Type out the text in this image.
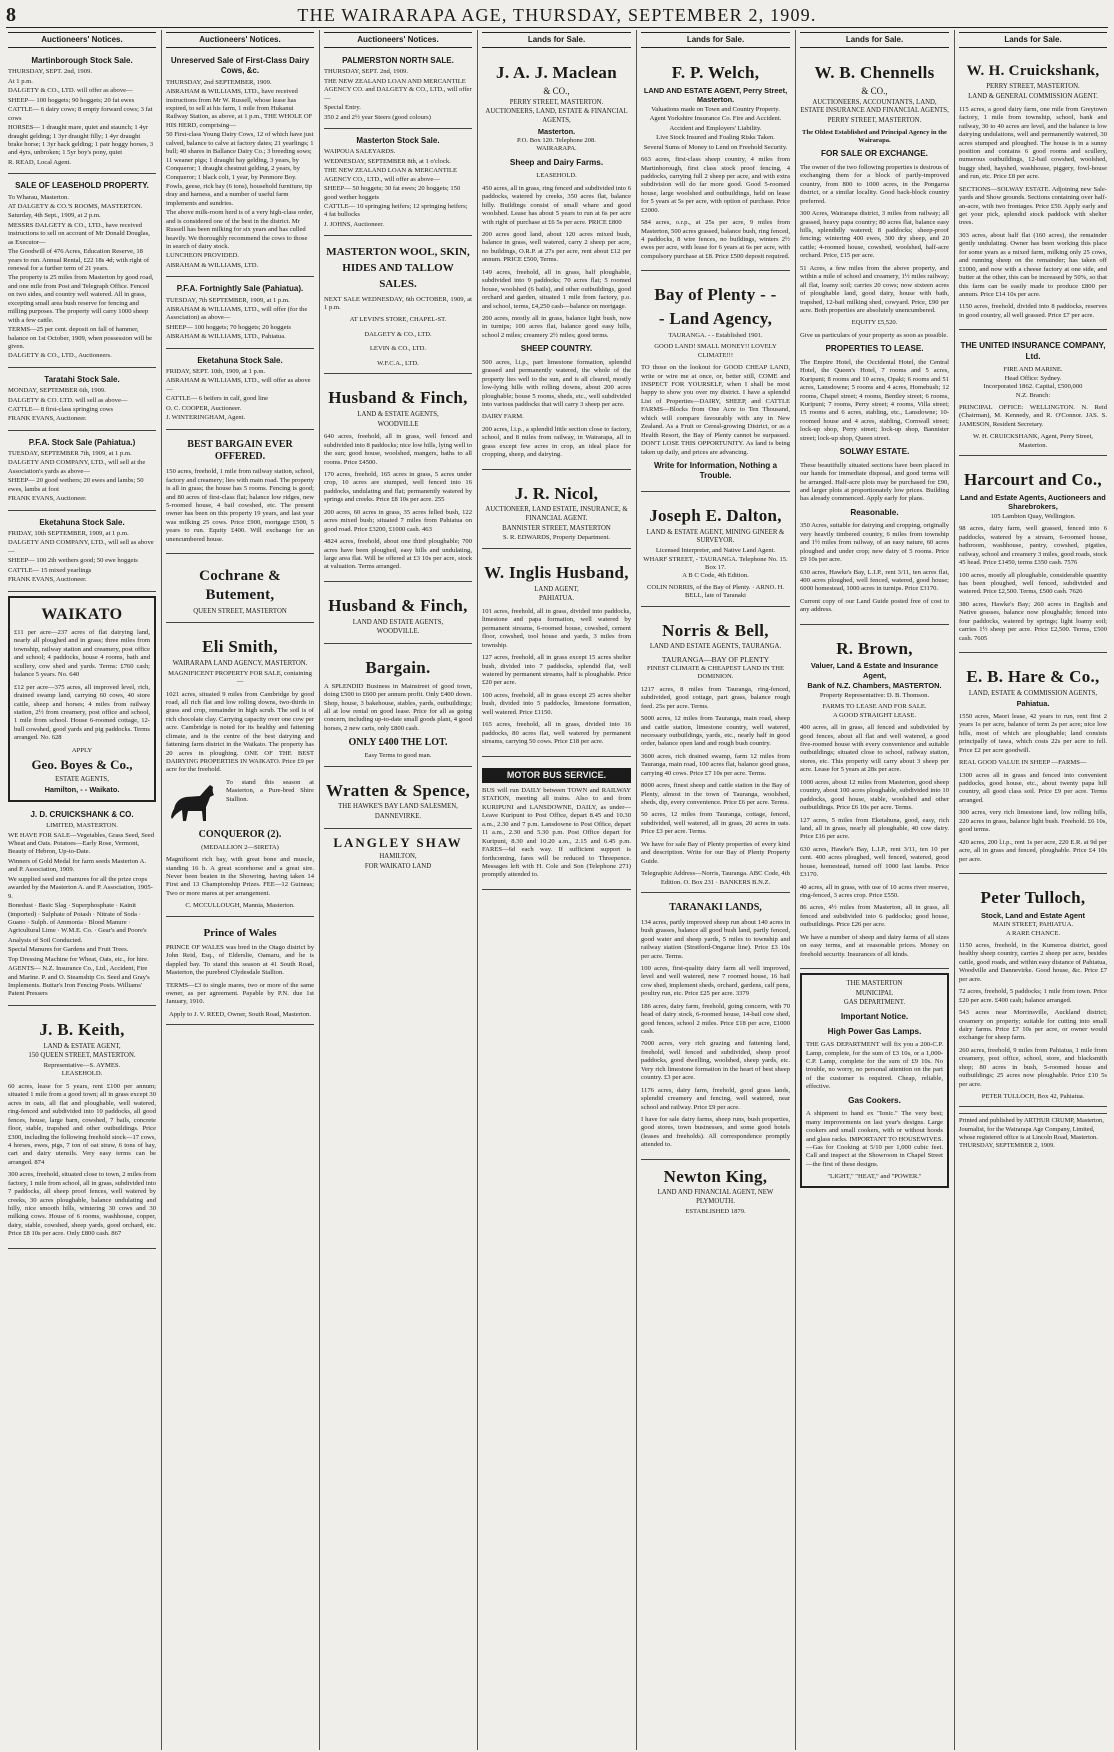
8	THE WAIRARAPA AGE, THURSDAY, SEPTEMBER 2, 1909.
Auctioneers' Notices.
Martinborough Stock Sale.
THURSDAY, SEPT. 2nd, 1909.
At 1 p.m.
DALGETY & CO., LTD. will offer as above—
SHEEP— 100 hoggets; 90 hoggets; 20 fat ewes
CATTLE— 6 dairy cows; 8 empty forward cows; 3 fat cows
HORSES— 1 draught mare, quiet and staunch; 1 4yr draught gelding; 1 3yr draught filly; 1 4yr draught brake horse; 1 3yr hack gelding; 1 pair hoggy horses, 3 and 4yrs, unbroken; 1 5yr boy's pony, quiet
R. READ, Local Agent.
SALE OF LEASEHOLD PROPERTY.
To Wharau, Masterton.
AT DALGETY & CO.'S ROOMS, MASTERTON.
Saturday, 4th Sept., 1909, at 2 p.m.
MESSRS DALGETY & CO., LTD., have received instructions to sell on account of Mr Donald Douglas, as Executor—
The Goodwill of 476 Acres, Education Reserve, 18 years to run. Annual Rental, £22 18s 4d; with right of renewal for a further term of 21 years.
The property is 25 miles from Masterton by good road, and one mile from Post and Telegraph Office. Fenced on two sides, and country well watered. All in grass, excepting small area bush reserve for fencing and milling purposes. The property will carry 1000 sheep with a few cattle.
TERMS—25 per cent. deposit on fall of hammer, balance on 1st October, 1909, when possession will be given.
DALGETY & CO., LTD., Auctioneers.
Taratahi Stock Sale.
MONDAY, SEPTEMBER 6th, 1909.
DALGETY & CO. LTD. will sell as above—
CATTLE— 8 first-class springing cows
FRANK EVANS, Auctioneer.
P.F.A. Stock Sale (Pahiatua.)
TUESDAY, SEPTEMBER 7th, 1909, at 1 p.m.
DALGETY AND COMPANY, LTD., will sell at the Association's yards as above—
SHEEP— 20 good wethers; 20 ewes and lambs; 50 ewes, lambs at foot
FRANK EVANS, Auctioneer.
Eketahuna Stock Sale.
FRIDAY, 10th SEPTEMBER, 1909, at 1 p.m.
DALGETY AND COMPANY, LTD., will sell as above—
SHEEP— 100 2th wethers good; 50 ewe hoggets
CATTLE— 15 mixed yearlings
FRANK EVANS, Auctioneer.
WAIKATO
£11 per acre—237 acres of flat dairying land, nearly all ploughed and in grass; three miles from township, railway station and creamery, post office and school; 4 paddocks, house 4 rooms, bath and scullery, cow shed and yards. Terms: £760 cash; balance 5 years. No. 640
£12 per acre—375 acres, all improved level, rich, drained swamp land, carrying 60 cows, 40 store cattle, sheep and horses; 4 miles from railway station, 2½ from creamery, post office and school, 1 mile from school. House 6-roomed cottage, 12-bull cowshed, good yards and pig paddocks. Terms arranged. No. 628
APPLY
Geo. Boyes & Co.,
ESTATE AGENTS,
Hamilton, - - Waikato.
J. D. CRUICKSHANK & CO.
LIMITED, MASTERTON.
WE HAVE FOR SALE—Vegetables, Grass Seed, Seed Wheat and Oats. Potatoes—Early Rose, Vermont, Beauty of Hebron, Up-to-Date.
Winners of Gold Medal for farm seeds Masterton A. and P. Association, 1909.
We supplied seed and manures for all the prize crops awarded by the Masterton A. and P. Association, 1905-9.
Bonedust · Basic Slag · Superphosphate · Kainit (imported) · Sulphate of Potash · Nitrate of Soda · Guano · Sulph. of Ammonia · Blood Manure · Agricultural Lime · W.M.E. Co. · Gear's and Poore's
Analysis of Soil Conducted.
Special Manures for Gardens and Fruit Trees.
Top Dressing Machine for Wheat, Oats, etc., for hire.
AGENTS— N.Z. Insurance Co., Ltd., Accident, Fire and Marine. P. and O. Steamship Co. Seed and Gray's Implements. Buttar's Iron Fencing Posts. Williams' Patent Pressers
J. B. Keith,
LAND & ESTATE AGENT,
150 QUEEN STREET, MASTERTON.
Representative—S. AYMES.
LEASEHOLD.
60 acres, lease for 5 years, rent £100 per annum; situated 1 mile from a good town; all in grass except 30 acres in oats, all flat and ploughable, well watered, ring-fenced and subdivided into 10 paddocks, all good fences, house, large barn, cowshed, 7 bails, concrete floor, stable, trapshed and other outbuildings. Price £300, including the following freehold stock—17 cows, 4 horses, ewes, pigs, 7 ton of oat straw, 6 tons of hay, cart and dairy utensils. Very easy terms can be arranged. 874
300 acres, freehold, situated close to town, 2 miles from factory, 1 mile from school, all in grass, subdivided into 7 paddocks, all sheep proof fences, well watered by creeks, 30 acres ploughable, balance undulating and hilly, nice smooth hills, wintering 30 cows and 30 milking cows. House of 6 rooms, washhouse, copper, dairy, stable, cowshed, sheep yards, good orchard, etc. Price £8 10s per acre. Only £800 cash. 867
Auctioneers' Notices.
Unreserved Sale of First-Class Dairy Cows, &c.
THURSDAY, 2nd SEPTEMBER, 1909.
ABRAHAM & WILLIAMS, LTD., have received instructions from Mr W. Russell, whose lease has expired, to sell at his farm, 1 mile from Hukanui Railway Station, as above, at 1 p.m., THE WHOLE OF HIS HERD, comprising—
50 First-class Young Dairy Cows, 12 of which have just calved, balance to calve at factory dates; 21 yearlings; 1 bull; 40 shares in Ballance Dairy Co.; 3 breeding sows; 11 weaner pigs; 1 draught bay gelding, 3 years, by Conqueror; 1 draught chestnut gelding, 2 years, by Conqueror; 1 black colt, 1 year, by Penmore Boy.
Fowls, geese, rick bay (6 tons), household furniture, tip dray and harness, and a number of useful farm implements and sundries.
The above milk-room herd is of a very high-class order, and is considered one of the best in the district. Mr Russell has been milking for six years and has culled heavily. We thoroughly recommend the cows to those in search of dairy stock.
LUNCHEON PROVIDED.
ABRAHAM & WILLIAMS, LTD.
P.F.A. Fortnightly Sale (Pahiatua).
TUESDAY, 7th SEPTEMBER, 1909, at 1 p.m.
ABRAHAM & WILLIAMS, LTD., will offer (for the Association) as above—
SHEEP— 100 hoggets; 70 hoggets; 20 hoggets
ABRAHAM & WILLIAMS, LTD., Pahiatua.
Eketahuna Stock Sale.
FRIDAY, SEPT. 10th, 1909, at 1 p.m.
ABRAHAM & WILLIAMS, LTD., will offer as above—
CATTLE— 6 heifers in calf, good line
O. C. COOPER, Auctioneer.
J. WINTERINGHAM, Agent.
BEST BARGAIN EVER OFFERED.
150 acres, freehold, 1 mile from railway station, school, factory and creamery; lies with main road. The property is all in grass; the house has 5 rooms. Fencing is good; and 80 acres of first-class flat; balance low ridges, new 5-roomed house, 4 bail cowshed, etc. The present owner has been on this property 19 years, and last year was milking 25 cows. Price £900, mortgage £500, 5 years to run. Equity £400. Will exchange for an unencumbered house.
Cochrane & Butement,
QUEEN STREET, MASTERTON
Eli Smith,
WAIRARAPA LAND AGENCY, MASTERTON.
MAGNIFICENT PROPERTY FOR SALE, containing—
1021 acres, situated 9 miles from Cambridge by good road, all rich flat and low rolling downs, two-thirds in grass and crop, remainder in high scrub. The soil is of rich chocolate clay. Carrying capacity over one cow per acre. Cambridge is noted for its healthy and fattening climate, and is the centre of the best dairying and fattening farm district in the Waikato. The property has 20 acres in ploughing. ONE OF THE BEST DAIRYING PROPERTIES IN WAIKATO. Price £9 per acre for the freehold.
To stand this season at Masterton, a Pure-bred Shire Stallion.
CONQUEROR (2).
(MEDALLION 2—SIRETA)
Magnificent rich bay, with great bone and muscle, standing 16 h. A great scorehorse and a great sire. Never been beaten in the Showring, having taken 14 First and 13 Championship Prizes. FEE—12 Guineas; Two or more mares at per arrangement.
C. MCCULLOUGH, Mannia, Masterton.
Prince of Wales
PRINCE OF WALES was bred in the Otago district by John Reid, Esq., of Elderslie, Oamaru, and he is dappled bay. To stand this season at 41 South Road, Masterton, the purebred Clydesdale Stallion.
TERMS—£3 to single mares, two or more of the same owner, as per agreement. Payable by P.N. due 1st January, 1910.
Apply to J. V. REED, Owner, South Road, Masterton.
Auctioneers' Notices.
PALMERSTON NORTH SALE.
THURSDAY, SEPT. 2nd, 1909.
THE NEW ZEALAND LOAN AND MERCANTILE AGENCY CO. and DALGETY & CO., LTD., will offer—
Special Entry.
350 2 and 2½ year Steers (good colours)
Masterton Stock Sale.
WAIPOUA SALEYARDS.
WEDNESDAY, SEPTEMBER 8th, at 1 o'clock.
THE NEW ZEALAND LOAN & MERCANTILE AGENCY CO., LTD., will offer as above—
SHEEP— 50 hoggets; 30 fat ewes; 20 hoggets; 150 good wether hoggets
CATTLE— 10 springing heifers; 12 springing heifers; 4 fat bullocks
J. JOHNS, Auctioneer.
MASTERTON WOOL, SKIN,
HIDES AND TALLOW
SALES.
NEXT SALE WEDNESDAY, 6th OCTOBER, 1909, at 1 p.m.
AT LEVIN'S STORE, CHAPEL-ST.
DALGETY & CO., LTD.
LEVIN & CO., LTD.
W.F.C.A., LTD.
Husband & Finch,
LAND & ESTATE AGENTS,
WOODVILLE
640 acres, freehold, all in grass, well fenced and subdivided into 8 paddocks; nice low hills, lying well to the sun; good house, woolshed, mangers, baths to all rooms. Price £4500.
170 acres, freehold, 165 acres in grass, 5 acres under crop, 10 acres are stumped, well fenced into 16 paddocks, undulating and flat; permanently watered by springs and creeks. Price £8 10s per acre. 255
200 acres, 60 acres in grass, 35 acres felled bush, 122 acres mixed bush; situated 7 miles from Pahiatua on good road. Price £3200, £1000 cash. 463
4824 acres, freehold, about one third ploughable; 700 acres have been ploughed, easy hills and undulating, large area flat. Will be offered at £3 10s per acre, stock at valuation. Terms arranged.
Husband & Finch,
LAND AND ESTATE AGENTS,
WOODVILLE.
Bargain.
A SPLENDID Business in Mainstreet of good town, doing £500 to £600 per annum profit. Only £400 down. Shop, house, 3 bakehouse, stables, yards, outbuildings; all at low rental on good lease. Price for all as going concern, including up-to-date small goods plant, 4 good horses, 2 new carts, only £800 cash.
ONLY £400 THE LOT.
Easy Terms to good man.
Wratten & Spence,
THE HAWKE'S BAY LAND SALESMEN,
DANNEVIRKE.
LANGLEY SHAW
HAMILTON,
FOR WAIKATO LAND
Lands for Sale.
J. A. J. Maclean
& CO.,
PERRY STREET, MASTERTON.
AUCTIONEERS, LAND, ESTATE & FINANCIAL AGENTS,
Masterton.
P.O. Box 120. Telephone 208.
WAIRARAPA.
Sheep and Dairy Farms.
LEASEHOLD.
450 acres, all in grass, ring fenced and subdivided into 6 paddocks, watered by creeks, 350 acres flat, balance hilly. Buildings consist of small whare and good woolshed. Lease has about 5 years to run at 6s per acre with right of purchase at £6 5s per acre. PRICE £800
200 acres good land, about 120 acres mixed bush, balance in grass, well watered, carry 2 sheep per acre, no buildings, O.R.P. at 27s per acre, rent about £12 per annum. PRICE £500, Terms.
149 acres, freehold, all in grass, half ploughable, subdivided into 9 paddocks; 70 acres flat; 5 roomed house, woolshed (6 bails), and other outbuildings, good orchard and garden, situated 1 mile from factory, p.o. and school, terms, £4,250 cash—balance on mortgage.
200 acres, mostly all in grass, balance light bush, now in turnips; 100 acres flat, balance good easy hills, school 2 miles; creamery 2½ miles; good terms.
SHEEP COUNTRY.
500 acres, l.i.p., part limestone formation, splendid grassed and permanently watered, the whole of the property lies well to the sun, and is all cleared, mostly low-lying hills with rolling downs, about 200 acres ploughable; house 5 rooms, sheds, etc., well subdivided into various paddocks that will carry 3 sheep per acre.
DAIRY FARM.
200 acres, l.i.p., a splendid little section close to factory, school, and 8 miles from railway, in Wairarapa, all in grass except few acres in crop, an ideal place for cropping, sheep, and dairying.
J. R. Nicol,
AUCTIONEER, LAND ESTATE, INSURANCE, & FINANCIAL AGENT.
BANNISTER STREET, MASTERTON
S. R. EDWARDS, Property Department.
W. Inglis Husband,
LAND AGENT,
PAHIATUA.
101 acres, freehold, all in grass, divided into paddocks, limestone and papa formation, well watered by permanent streams, 6-roomed house, cowshed, cement floor, cowshed, tool house and yards, 3 miles from township.
127 acres, freehold, all in grass except 15 acres shelter bush, divided into 7 paddocks, splendid flat, well watered by permanent streams, half is ploughable. Price £20 per acre.
100 acres, freehold, all in grass except 25 acres shelter bush, divided into 5 paddocks, limestone formation, well watered. Price £1150.
165 acres, freehold, all in grass, divided into 16 paddocks, 80 acres flat, well watered by permanent streams, carrying 50 cows. Price £18 per acre.
MOTOR BUS SERVICE.
BUS will run DAILY between TOWN and RAILWAY STATION, meeting all trains. Also to and from KURIPUNI and LANSDOWNE, DAILY, as under—Leave Kuripuni to Post Office, depart 8.45 and 10.30 a.m., 2.30 and 7 p.m. Lansdowne to Post Office, depart 11 a.m., 2.30 and 5.30 p.m. Post Office depart for Kuripuni, 8.30 and 10.20 a.m., 2.15 and 6.45 p.m. FARES—6d each way. If sufficient support is forthcoming, fares will be reduced to Threepence. Messages left with H. Cole and Son (Telephone 271) promptly attended to.
Lands for Sale.
F. P. Welch,
LAND AND ESTATE AGENT, Perry Street, Masterton.
Valuations made on Town and Country Property.
Agent Yorkshire Insurance Co. Fire and Accident.
Accident and Employers' Liability.
Live Stock Insured and Foaling Risks Taken.
Several Sums of Money to Lend on Freehold Security.
663 acres, first-class sheep country, 4 miles from Martinborough, first class stock proof fencing, 4 paddocks, carrying full 2 sheep per acre, and with extra subdivision will do far more good. Good 5-roomed house, large woolshed and outbuildings, held on lease for 5 years at 5s per acre, with option of purchase. Price £2000.
584 acres, o.r.p., at 25s per acre, 9 miles from Masterton, 500 acres grassed, balance bush, ring fenced, 4 paddocks, 8 wire fences, no buildings, winters 2½ ewes per acre, with lease for 6 years at 6s per acre, with compulsory purchase at £8. Price £500 deposit required.
Bay of Plenty - -
- Land Agency,
TAURANGA. - - Established 1901.
GOOD LAND! SMALL MONEY!! LOVELY CLIMATE!!!
TO those on the lookout for GOOD CHEAP LAND, write or wire me at once, or, better still, COME and INSPECT FOR YOURSELF, when I shall be most happy to show you over my district. I have a splendid List of Properties—DAIRY, SHEEP, and CATTLE FARMS—Blocks from One Acre to Ten Thousand, which will compare favourably with any in New Zealand. As a Fruit or Cereal-growing District, or as a Health Resort, the Bay of Plenty cannot be surpassed. DON'T LOSE THIS OPPORTUNITY. As land is being taken up daily, and prices are advancing.
Write for Information, Nothing a Trouble.
Joseph E. Dalton,
LAND & ESTATE AGENT, MINING GINEER & SURVEYOR.
Licensed Interpreter, and Native Land Agent.
WHARF STREET, - TAURANGA. Telephone No. 15. Box 17.
A B C Code, 4th Edition.
COLIN NORRIS, of the Bay of Plenty. · ARNO. H. BELL, late of Taranaki
Norris & Bell,
LAND AND ESTATE AGENTS, TAURANGA.
TAURANGA—BAY OF PLENTY
FINEST CLIMATE & CHEAPEST LAND IN THE DOMINION.
1217 acres, 8 miles from Tauranga, ring-fenced, subdivided, good cottage, part grass, balance rough feed. 25s per acre. Terms.
5000 acres, 12 miles from Tauranga, main road, sheep and cattle station, limestone country, well watered, necessary outbuildings, yards, etc., nearly half in good order, balance open land and rough bush country.
3600 acres, rich drained swamp, farm 12 miles from Tauranga, main road, 100 acres flat, balance good grass, carrying 40 cows. Price £7 10s per acre. Terms.
8000 acres, finest sheep and cattle station in the Bay of Plenty, almost in the town of Tauranga, woolshed, sheds, dip, every convenience. Price £6 per acre. Terms.
50 acres, 12 miles from Tauranga, cottage, fenced, subdivided, well watered, all in grass, 20 acres in oats. Price £3 per acre. Terms.
We have for sale Bay of Plenty properties of every kind and description. Write for our Bay of Plenty Property Guide.
Telegraphic Address—Norris, Tauranga. ABC Code, 4th Edition. O. Box 231 · BANKERS B.N.Z.
TARANAKI LANDS,
134 acres, partly improved sheep run about 140 acres in bush grasses, balance all good bush land, partly fenced, good water and sheep yards, 5 miles to township and railway station (Stratford-Ongarue line). Price £3 10s per acre. Terms.
100 acres, first-quality dairy farm all well improved, level and well watered, new 7 roomed house, 16 bail cow shed, implement sheds, orchard, gardens, calf pens, poultry run, etc. Price £25 per acre. 3379
186 acres, dairy farm, freehold, going concern, with 70 head of dairy stock, 6-roomed house, 14-bail cow shed, good fences, school 2 miles. Price £18 per acre, £1000 cash.
7000 acres, very rich grazing and fattening land, freehold, well fenced and subdivided, sheep proof paddocks, good dwelling, woolshed, sheep yards, etc. Very rich limestone formation in the heart of best sheep country. £3 per acre.
1176 acres, dairy farm, freehold, good grass lands, splendid creamery and fencing, well watered, near school and railway. Price £9 per acre.
I have for sale dairy farms, sheep runs, bush properties, good stores, town businesses, and some good hotels (leases and freeholds). All correspondence promptly attended to.
Newton King,
LAND AND FINANCIAL AGENT, NEW PLYMOUTH.
ESTABLISHED 1879.
Lands for Sale.
W. B. Chennells
& CO.,
AUCTIONEERS, ACCOUNTANTS, LAND, ESTATE INSURANCE AND FINANCIAL AGENTS,
PERRY STREET, MASTERTON.
The Oldest Established and Principal Agency in the Wairarapa.
FOR SALE OR EXCHANGE.
The owner of the two following properties is desirous of exchanging them for a block of partly-improved country, from 800 to 1000 acres, in the Pongaroa district, or a similar locality. Good back-block country preferred.
300 Acres, Wairarapa district, 3 miles from railway; all grassed, heavy papa country; 80 acres flat, balance easy hills, splendidly watered; 8 paddocks; sheep-proof fencing; wintering 400 ewes, 300 dry sheep, and 20 cattle; 4-roomed house, cowshed, woolshed, half-acre orchard. Price, £15 per acre.
51 Acres, a few miles from the above property, and within a mile of school and creamery, 1½ miles railway; all flat, loamy soil; carries 20 cows; now sixteen acres of ploughable land, good dairy, house with bath, trapshed, 12-bail milking shed, cowyard. Price, £90 per acre. Both properties are absolutely unencumbered.
EQUITY £5,520.
Give us particulars of your property as soon as possible.
PROPERTIES TO LEASE.
The Empire Hotel, the Occidental Hotel, the Central Hotel, the Queen's Hotel, 7 rooms and 5 acres, Kuripuni; 8 rooms and 10 acres, Opaki; 6 rooms and 51 acres, Lansdowne; 5 rooms and 4 acres, Homebush; 12 rooms, Chapel street; 4 rooms, Bentley street; 6 rooms, Kuripuni; 7 rooms, Perry street; 4 rooms, Villa street; 15 rooms and 6 acres, stabling, etc., Lansdowne; 10-roomed house and 4 acres, stabling, Cornwall street; lock-up shop, Perry street; lock-up shop, Bannister street; lock-up shop, Queen street.
SOLWAY ESTATE.
These beautifully situated sections have been placed in our hands for immediate disposal, and good terms will be arranged. Half-acre plots may be purchased for £90, and larger plots at proportionately low prices. Building has already commenced. Apply early for plans.
Reasonable.
350 Acres, suitable for dairying and cropping, originally very heavily timbered country, 6 miles from township and 1½ miles from railway, of an easy nature, 60 acres ploughed and under crop; new dairy of 5 rooms. Price £9 10s per acre.
630 acres, Hawke's Bay, L.I.P., rent 3/11, ten acres flat, 400 acres ploughed, well fenced, watered, good house; 6000 homestead, 1000 acres in turnips. Price £3170.
Current copy of our Land Guide posted free of cost to any address.
R. Brown,
Valuer, Land & Estate and Insurance Agent,
Bank of N.Z. Chambers, MASTERTON.
Property Representative: D. B. Thomson.
FARMS TO LEASE AND FOR SALE.
A GOOD STRAIGHT LEASE.
400 acres, all in grass, all fenced and subdivided by good fences, about all flat and well watered, a good five-roomed house with every convenience and suitable outbuildings; situated close to school, railway station, stores, etc. This property will carry about 3 sheep per acre. Lease for 5 years at 28s per acre.
1000 acres, about 12 miles from Masterton, good sheep country, about 100 acres ploughable, subdivided into 10 paddocks, good house, stable, woolshed and other outbuildings. Price £6 10s per acre. Terms.
127 acres, 5 miles from Eketahuna, good, easy, rich land, all in grass, nearly all ploughable, 40 cow dairy. Price £16 per acre.
630 acres, Hawke's Bay, L.I.P., rent 3/11, ten 10 per cent. 400 acres ploughed, well fenced, watered, good house, homestead, turned off 1000 last lambs. Price £3170.
40 acres, all in grass, with use of 10 acres river reserve, ring-fenced, 3 acres crop. Price £550.
86 acres, 4½ miles from Masterton, all in grass, all fenced and subdivided into 6 paddocks; good house, outbuildings. Price £26 per acre.
We have a number of sheep and dairy farms of all sizes on easy terms, and at reasonable prices. Money on freehold security. Insurances of all kinds.
THE MASTERTON
MUNICIPAL
GAS DEPARTMENT.
Important Notice.
High Power Gas Lamps.
THE GAS DEPARTMENT will fix you a 200-C.P. Lamp, complete, for the sum of £3 10s, or a 1,000-C.P. Lamp, complete for the sum of £9 10s. No trouble, no worry, no personal attention on the part of the customer is required. Cheap, reliable, effective.
Gas Cookers.
A shipment to hand ex "Ionic." The very best; many improvements on last year's designs. Large cookers and small cookers, with or without hoods and glass racks. IMPORTANT TO HOUSEWIVES.—Gas for Cooking at 5/10 per 1,000 cubic feet. Call and inspect at the Showroom in Chapel Street—the first of these designs.
"LIGHT," "HEAT," and "POWER."
Lands for Sale.
W. H. Cruickshank,
PERRY STREET, MASTERTON.
LAND & GENERAL COMMISSION AGENT.
115 acres, a good dairy farm, one mile from Greytown factory, 1 mile from township, school, bank and railway, 30 to 40 acres are level, and the balance is low dairying undulations, well and permanently watered, 30 acres stumped and ploughed. The house is in a sunny position and contains 6 good rooms and scullery, numerous outbuildings, 12-bail cowshed, woolshed, buggy shed, hayshed, washhouse, piggery, fowl-house and run, etc. Price £8 per acre.
SECTIONS—SOLWAY ESTATE. Adjoining new Sale-yards and Show grounds. Sections containing over half-an-acre, with two frontages. Price £50. Apply early and get your pick, splendid stock paddock with shelter trees.
303 acres, about half flat (160 acres), the remainder gently undulating. Owner has been working this place for some years as a mixed farm, milking only 25 cows, and running sheep on the remainder; has taken off £1000, and now with a cheese factory at one side, and butter at the other, this can be increased by 50%, so that this farm can be easily made to produce £800 per annum. Price £14 10s per acre.
1150 acres, freehold, divided into 8 paddocks, reserves in good country, all well grassed. Price £7 per acre.
THE UNITED INSURANCE COMPANY, Ltd.
FIRE AND MARINE.
Head Office: Sydney.
Incorporated 1862. Capital, £500,000
N.Z. Branch:
PRINCIPAL OFFICE: WELLINGTON. N. Reid (Chairman), M. Kennedy, and R. O'Connor. JAS. S. JAMESON, Resident Secretary.
W. H. CRUICKSHANK, Agent, Perry Street, Masterton.
Harcourt and Co.,
Land and Estate Agents, Auctioneers and Sharebrokers,
105 Lambton Quay, Wellington.
98 acres, dairy farm, well grassed, fenced into 6 paddocks, watered by a stream, 6-roomed house, bathroom, washhouse, pantry, cowshed, pigsties, railway, school and creamery 3 miles, good roads, stock 45 head. Price £1450, terms £350 cash. 7576
100 acres, mostly all ploughable, considerable quantity has been ploughed, well fenced, subdivided and watered. Price £2,500. Terms, £500 cash. 7626
380 acres, Hawke's Bay; 260 acres in English and Native grasses, balance now ploughable; fenced into four paddocks, watered by springs; light loamy soil; carries 1½ sheep per acre. Price £2,500. Terms, £500 cash. 7605
E. B. Hare & Co.,
LAND, ESTATE & COMMISSION AGENTS,
Pahiatua.
1550 acres, Maori lease, 42 years to run, rent first 2 years 1s per acre, balance of term 2s per acre; nice low hills, most of which are ploughable; land consists principally of tawa, which costs 22s per acre to fell. Price £2 per acre goodwill.
REAL GOOD VALUE IN SHEEP —FARMS—
1300 acres all in grass and fenced into convenient paddocks, good house, etc., about twenty papa hill country, all good class soil. Price £9 per acre. Terms arranged.
300 acres, very rich limestone land, low rolling hills, 220 acres in grass, balance light bush. Freehold. £6 10s, good terms.
420 acres, 200 l.i.p., rent 1s per acre, 220 E.R. at 9d per acre, all in grass and fenced, ploughable. Price £4 10s per acre.
Peter Tulloch,
Stock, Land and Estate Agent
MAIN STREET, PAHIATUA.
A RARE CHANCE.
1150 acres, freehold, in the Kumeroa district, good healthy sheep country, carries 2 sheep per acre, besides cattle, good roads, and within easy distance of Pahiatua, Woodville and Dannevirke. Good house, &c. Price £7 per acre.
72 acres, freehold, 5 paddocks; 1 mile from town. Price £20 per acre. £400 cash; balance arranged.
543 acres near Morrinsville, Auckland district; creamery on property; suitable for cutting into small dairy farms. Price £7 10s per acre, or owner would exchange for sheep farm.
260 acres, freehold, 9 miles from Pahiatua, 1 mile from creamery, post office, school, store, and blacksmith shop; 80 acres in bush, 5-roomed house and outbuildings; 25 acres now ploughable. Price £10 5s per acre.
PETER TULLOCH, Box 42, Pahiatua.
Printed and published by ARTHUR CRUMP, Masterton, Journalist, for the Wairarapa Age Company, Limited, whose registered office is at Lincoln Road, Masterton.
THURSDAY, SEPTEMBER 2, 1909.
